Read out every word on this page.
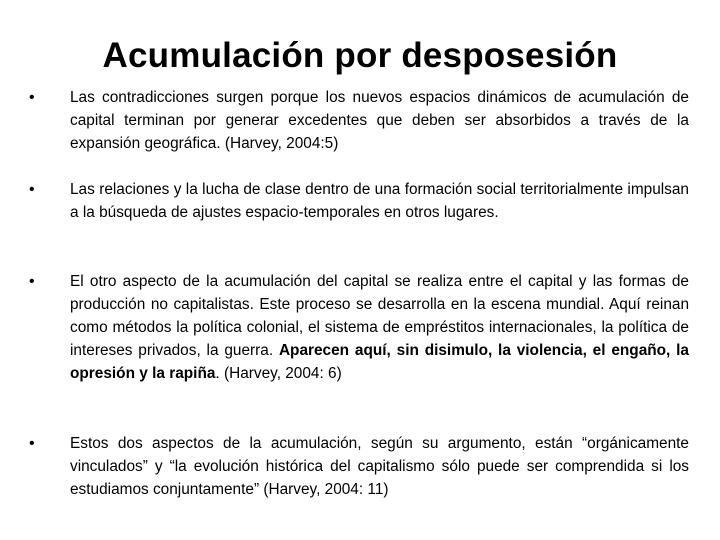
Acumulación por desposesión
• Las contradicciones surgen porque los nuevos espacios dinámicos de acumulación de capital terminan por generar excedentes que deben ser absorbidos a través de la expansión geográfica. (Harvey, 2004:5)

• Las relaciones y la lucha de clase dentro de una formación social territorialmente impulsan a la búsqueda de ajustes espacio-temporales en otros lugares.

• El otro aspecto de la acumulación del capital se realiza entre el capital y las formas de producción no capitalistas. Este proceso se desarrolla en la escena mundial. Aquí reinan como métodos la política colonial, el sistema de empréstitos internacionales, la política de intereses privados, la guerra. Aparecen aquí, sin disimulo, la violencia, el engaño, la opresión y la rapiña. (Harvey, 2004: 6)

• Estos dos aspectos de la acumulación, según su argumento, están “orgánicamente vinculados” y “la evolución histórica del capitalismo sólo puede ser comprendida si los estudiamos conjuntamente” (Harvey, 2004: 11)
